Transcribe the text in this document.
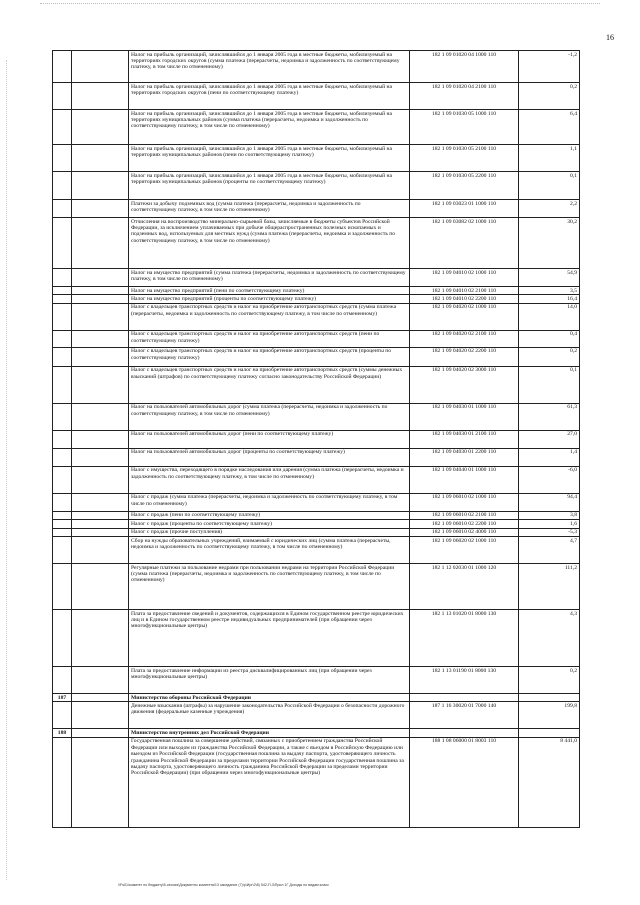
16
		Налог на прибыль организаций, зачислявшийся до 1 января 2005 года в местные бюджеты, мобилизуемый на территориях городских округов (сумма платежа (перерасчеты, недоимка и задолженность по соответствующему платежу, в том числе по отмененному)	182 1 09 01020 04 1000 110	-1,2
		Налог на прибыль организаций, зачислявшийся до 1 января 2005 года в местные бюджеты, мобилизуемый на территориях городских округов (пени по соответствующему платежу)	182 1 09 01020 04 2100 110	0,2
		Налог на прибыль организаций, зачислявшийся до 1 января 2005 года в местные бюджеты, мобилизуемый на территориях муниципальных районов (сумма платежа (перерасчеты, недоимка и задолженность по соответствующему платежу, в том числе по отмененному)	182 1 09 01030 05 1000 110	6,4
		Налог на прибыль организаций, зачислявшийся до 1 января 2005 года в местные бюджеты, мобилизуемый на территориях муниципальных районов (пени по соответствующему платежу)	182 1 09 01030 05 2100 110	1,1
		Налог на прибыль организаций, зачислявшийся до 1 января 2005 года в местные бюджеты, мобилизуемый на территориях муниципальных районов (проценты по соответствующему платежу)	182 1 09 01030 05 2200 110	0,1
		Платежи за добычу подземных вод (сумма платежа (перерасчеты, недоимка и задолженность по соответствующему платежу, в том числе по отмененному)	182 1 09 03023 01 1000 110	2,2
		Отчисления на воспроизводство минерально-сырьевой базы, зачисляемые в бюджеты субъектов Российской Федерации, за исключением уплачиваемых при добыче общераспространенных полезных ископаемых и подземных вод, используемых для местных нужд (сумма платежа (перерасчеты, недоимка и задолженность по соответствующему платежу, в том числе по отмененному)	182 1 09 03082 02 1000 110	30,2
		Налог на имущество предприятий (сумма платежа (перерасчеты, недоимка и задолженность по соответствующему платежу, в том числе по отмененному)	182 1 09 04010 02 1000 110	54,9
		Налог на имущество предприятий (пени по соответствующему платежу)	182 1 09 04010 02 2100 110	3,5
		Налог на имущество предприятий (проценты по соответствующему платежу)	182 1 09 04010 02 2200 110	16,4
		Налог с владельцев транспортных средств и налог на приобретение автотранспортных средств (сумма платежа (перерасчеты, недоимка и задолженность по соответствующему платежу, в том числе по отмененному)	182 1 09 04020 02 1000 110	14,0
		Налог с владельцев транспортных средств и налог на приобретение автотранспортных средств (пени по соответствующему платежу)	182 1 09 04020 02 2100 110	0,4
		Налог с владельцев транспортных средств и налог на приобретение автотранспортных средств (проценты по соответствующему платежу)	182 1 09 04020 02 2200 110	0,2
		Налог с владельцев транспортных средств и налог на приобретение автотранспортных средств (суммы денежных взысканий (штрафов) по соответствующему платежу согласно законодательству Российской Федерации)	182 1 09 04020 02 3000 110	0,1
		Налог на пользователей автомобильных дорог (сумма платежа (перерасчеты, недоимка и задолженность по соответствующему платежу, в том числе по отмененному)	182 1 09 04030 01 1000 110	61,3
		Налог на пользователей автомобильных дорог (пени по соответствующему платежу)	182 1 09 04030 01 2100 110	27,0
		Налог на пользователей автомобильных дорог (проценты по соответствующему платежу)	182 1 09 04030 01 2200 110	1,4
		Налог с имущества, переходящего в порядке наследования или дарения (сумма платежа (перерасчеты, недоимка и задолженность по соответствующему платежу, в том числе по отмененному)	182 1 09 04040 01 1000 110	-6,0
		Налог с продаж (сумма платежа (перерасчеты, недоимка и задолженность по соответствующему платежу, в том числе по отмененному)	182 1 09 06010 02 1000 110	94,4
		Налог с продаж (пени по соответствующему платежу)	182 1 09 06010 02 2100 110	3,8
		Налог с продаж (проценты по соответствующему платежу)	182 1 09 06010 02 2200 110	1,6
		Налог с продаж (прочие поступления)	182 1 09 06010 02 4000 110	-5,3
		Сбор на нужды образовательных учреждений, взимаемый с юридических лиц (сумма платежа (перерасчеты, недоимка и задолженность по соответствующему платежу, в том числе по отмененному)	182 1 09 06020 02 1000 110	4,7
		Регулярные платежи за пользование недрами при пользовании недрами на территории Российской Федерации (сумма платежа (перерасчеты, недоимка и задолженность по соответствующему платежу, в том числе по отмененному)	182 1 12 02030 01 1000 120	111,2
		Плата за предоставление сведений и документов, содержащихся в Едином государственном реестре юридических лиц и в Едином государственном реестре индивидуальных предпринимателей (при обращении через многофункциональные центры)	182 1 13 01020 01 8000 130	4,3
		Плата за предоставление информации из реестра дисквалифицированных лиц (при обращении через многофункциональные центры)	182 1 13 01190 01 8000 130	0,2
187		Министерство обороны Российской Федерации		
		Денежные взыскания (штрафы) за нарушение законодательства Российской Федерации о безопасности дорожного движения (федеральные казенные учреждения)	187 1 16 30020 01 7000 140	199,8
188		Министерство внутренних дел Российской Федерации		
		Государственная пошлина за совершение действий, связанных с приобретением гражданства Российской Федерации или выходом из гражданства Российской Федерации, а также с въездом в Российскую Федерацию или выездом из Российской Федерации (государственная пошлина за выдачу паспорта, удостоверяющего личность гражданина Российской Федерации за пределами территории Российской Федерации государственная пошлина за выдачу паспорта, удостоверяющего личность гражданина Российской Федерации за пределами территории Российской Федерации) (при обращении через многофункциональные центры)	188 1 08 06000 01 8003 110	8 441,0
\\Fs01\комитет по бюджету\5-сессия\Документы комитета\13 заседание (7)\р\Ирг\2\8) 542-П-3\Прил 1Г Доходы по видам класс
